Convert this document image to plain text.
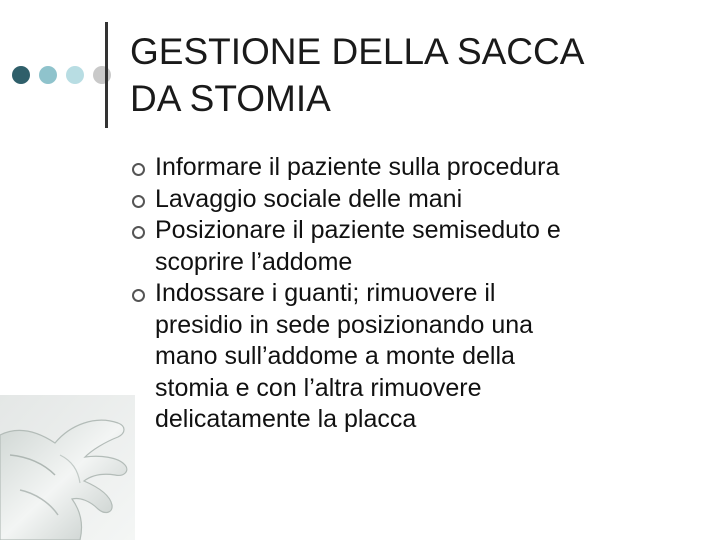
GESTIONE DELLA SACCA
DA STOMIA
Informare il paziente sulla procedura
Lavaggio sociale delle mani
Posizionare il paziente semiseduto e
scoprire l’addome
Indossare i guanti; rimuovere il
presidio in sede posizionando una
mano sull’addome a monte della
stomia e con l’altra rimuovere
delicatamente la placca
